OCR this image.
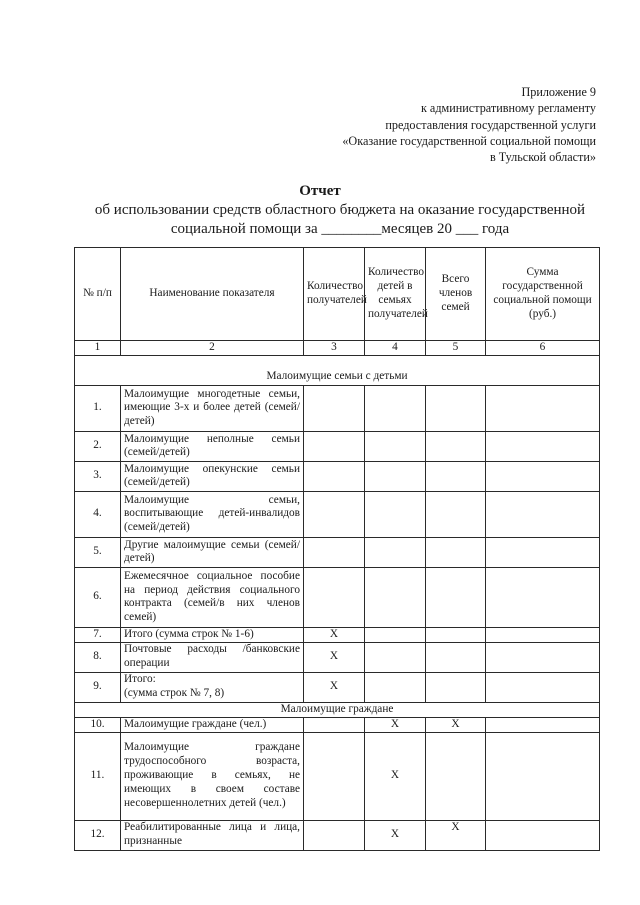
Приложение 9
к административному регламенту
предоставления государственной услуги
«Оказание государственной социальной помощи
в Тульской области»
Отчет
об использовании средств областного бюджета на оказание государственной
социальной помощи за ________месяцев 20 ___ года
№ п/п	Наименование показателя	Количество получателей	Количество детей в семьях получателей	Всего членов семей	Сумма государственной социальной помощи (руб.)
1	2	3	4	5	6
Малоимущие семьи с детьми					
1.	Малоимущие многодетные семьи, имеющие 3-х и более детей (семей/детей)				
2.	Малоимущие неполные семьи (семей/детей)				
3.	Малоимущие опекунские семьи (семей/детей)				
4.	Малоимущие семьи, воспитывающие детей-инвалидов (семей/детей)				
5.	Другие малоимущие семьи (семей/детей)				
6.	Ежемесячное социальное пособие на период действия социального контракта (семей/в них членов семей)				
7.	Итого (сумма строк № 1-6)	X			
8.	Почтовые расходы /банковские операции	X			
9.	Итого:
(сумма строк № 7, 8)	X			
Малоимущие граждане					
10.	Малоимущие граждане (чел.)		X	X	
11.	Малоимущие граждане трудоспособного возраста, проживающие в семьях, не имеющих в своем составе несовершеннолетних детей (чел.)		X		
12.	Реабилитированные лица и лица, признанные		X	X	
